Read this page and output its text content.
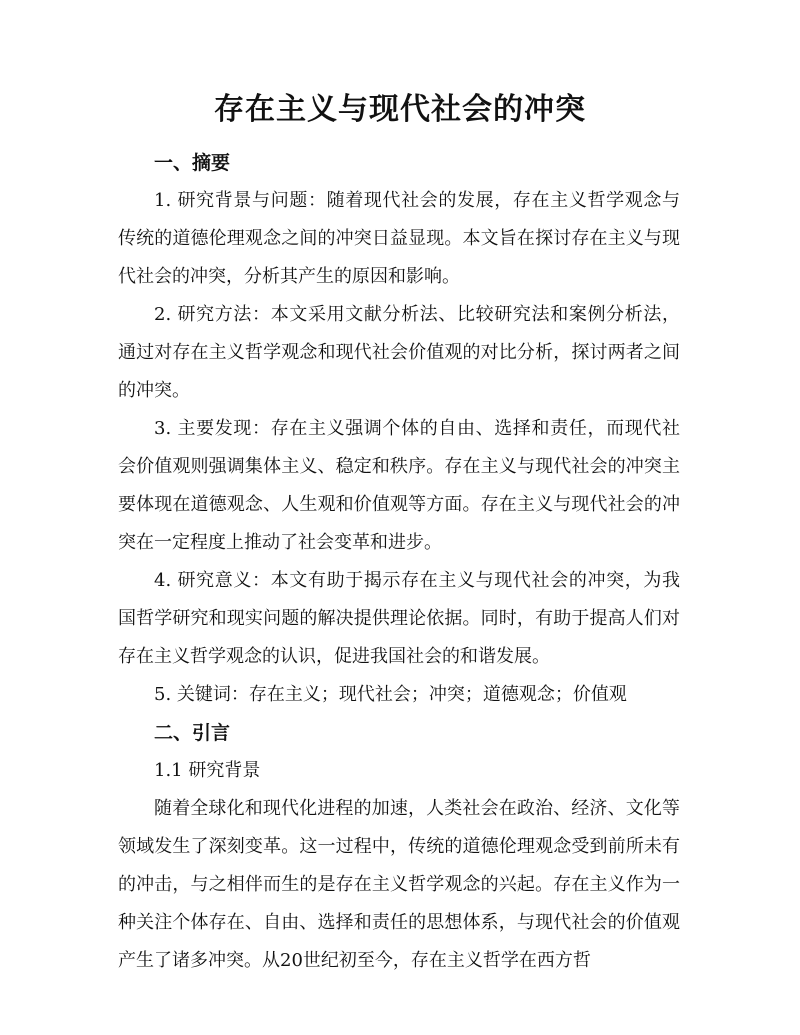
存在主义与现代社会的冲突

一、摘要

1. 研究背景与问题：随着现代社会的发展，存在主义哲学观念与传统的道德伦理观念之间的冲突日益显现。本文旨在探讨存在主义与现代社会的冲突，分析其产生的原因和影响。

2. 研究方法：本文采用文献分析法、比较研究法和案例分析法，通过对存在主义哲学观念和现代社会价值观的对比分析，探讨两者之间的冲突。

3. 主要发现：存在主义强调个体的自由、选择和责任，而现代社会价值观则强调集体主义、稳定和秩序。存在主义与现代社会的冲突主要体现在道德观念、人生观和价值观等方面。存在主义与现代社会的冲突在一定程度上推动了社会变革和进步。

4. 研究意义：本文有助于揭示存在主义与现代社会的冲突，为我国哲学研究和现实问题的解决提供理论依据。同时，有助于提高人们对存在主义哲学观念的认识，促进我国社会的和谐发展。

5. 关键词：存在主义；现代社会；冲突；道德观念；价值观

二、引言

1.1 研究背景

随着全球化和现代化进程的加速，人类社会在政治、经济、文化等领域发生了深刻变革。这一过程中，传统的道德伦理观念受到前所未有的冲击，与之相伴而生的是存在主义哲学观念的兴起。存在主义作为一种关注个体存在、自由、选择和责任的思想体系，与现代社会的价值观产生了诸多冲突。从20世纪初至今，存在主义哲学在西方哲
